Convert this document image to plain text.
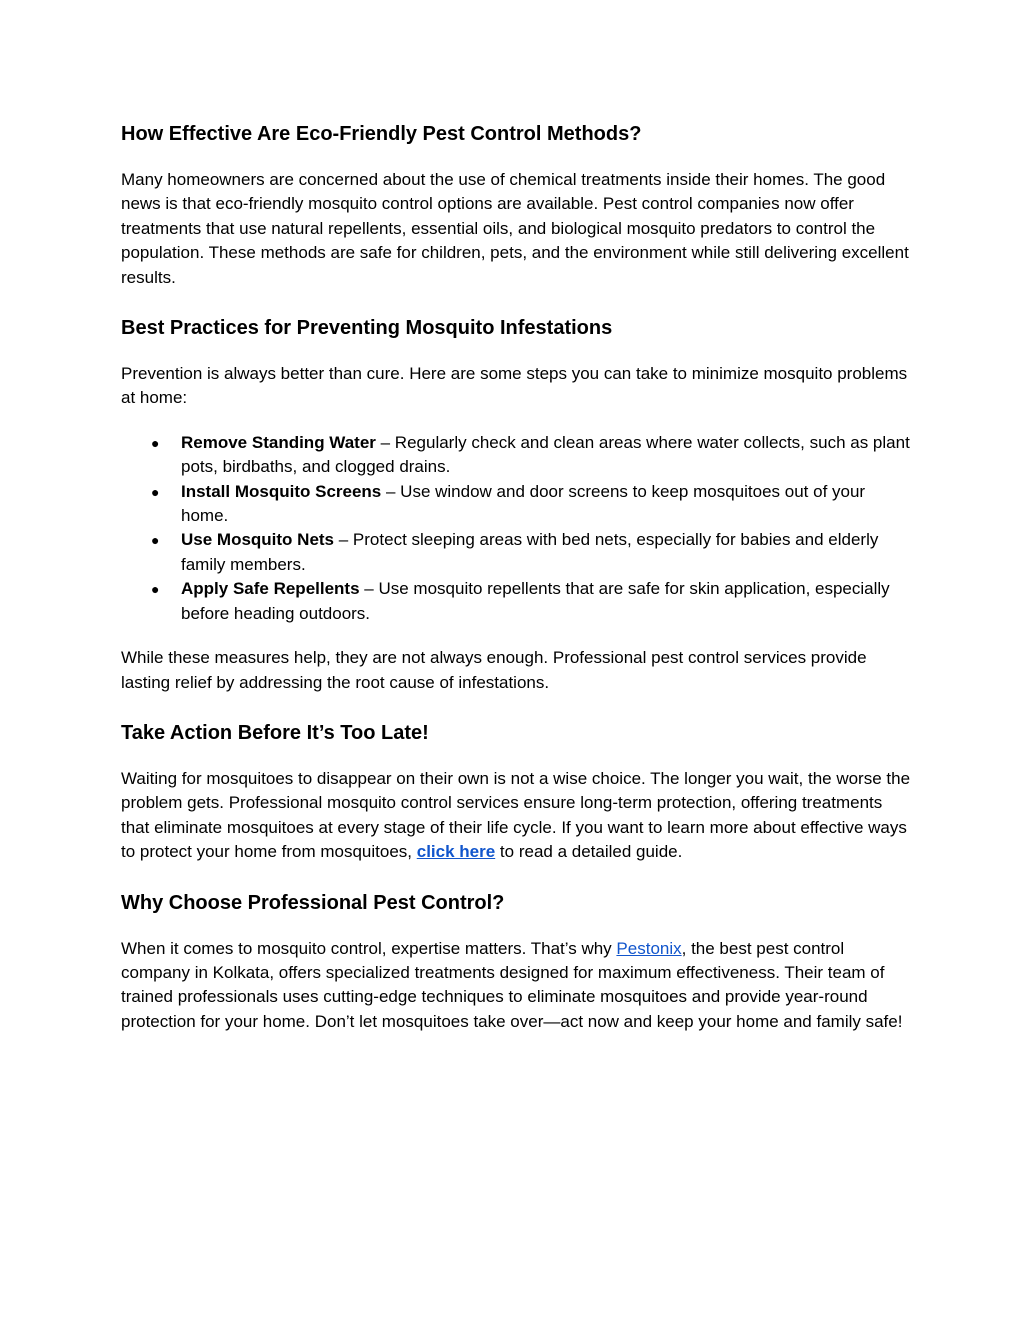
How Effective Are Eco-Friendly Pest Control Methods?

Many homeowners are concerned about the use of chemical treatments inside their homes. The good news is that eco-friendly mosquito control options are available. Pest control companies now offer treatments that use natural repellents, essential oils, and biological mosquito predators to control the population. These methods are safe for children, pets, and the environment while still delivering excellent results.

Best Practices for Preventing Mosquito Infestations

Prevention is always better than cure. Here are some steps you can take to minimize mosquito problems at home:

● Remove Standing Water – Regularly check and clean areas where water collects, such as plant pots, birdbaths, and clogged drains.
● Install Mosquito Screens – Use window and door screens to keep mosquitoes out of your home.
● Use Mosquito Nets – Protect sleeping areas with bed nets, especially for babies and elderly family members.
● Apply Safe Repellents – Use mosquito repellents that are safe for skin application, especially before heading outdoors.

While these measures help, they are not always enough. Professional pest control services provide lasting relief by addressing the root cause of infestations.

Take Action Before It’s Too Late!

Waiting for mosquitoes to disappear on their own is not a wise choice. The longer you wait, the worse the problem gets. Professional mosquito control services ensure long-term protection, offering treatments that eliminate mosquitoes at every stage of their life cycle. If you want to learn more about effective ways to protect your home from mosquitoes, click here to read a detailed guide.

Why Choose Professional Pest Control?

When it comes to mosquito control, expertise matters. That’s why Pestonix, the best pest control company in Kolkata, offers specialized treatments designed for maximum effectiveness. Their team of trained professionals uses cutting-edge techniques to eliminate mosquitoes and provide year-round protection for your home. Don’t let mosquitoes take over—act now and keep your home and family safe!
